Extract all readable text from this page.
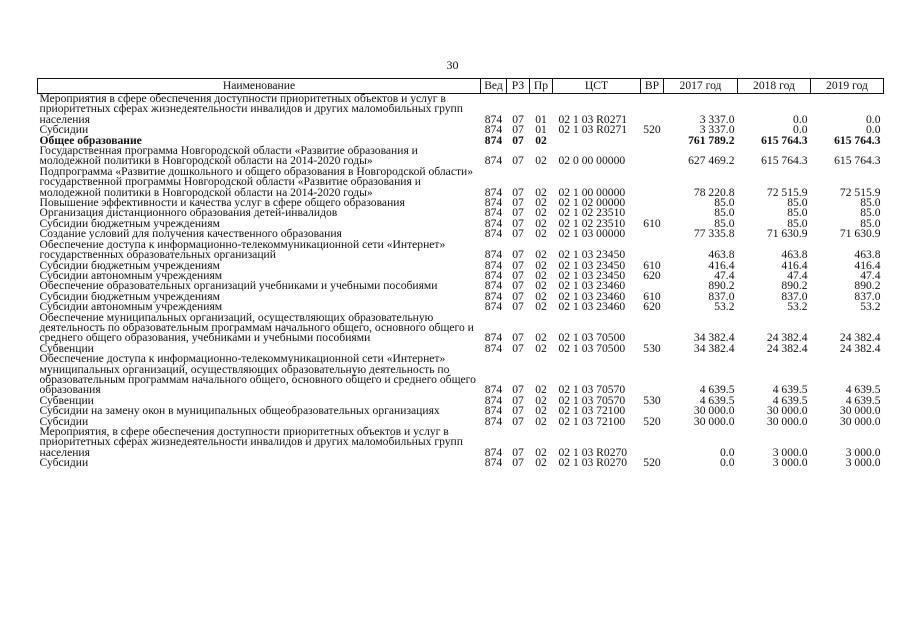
30
Наименование	Вед	РЗ	Пр	ЦСТ	ВР	2017 год	2018 год	2019 год
Мероприятия в сфере обеспечения доступности приоритетных объектов и услуг в приоритетных сферах жизнедеятельности инвалидов и других маломобильных групп населения	874	07	01	02 1 03 R0271		3 337.0	0.0	0.0
Субсидии	874	07	01	02 1 03 R0271	520	3 337.0	0.0	0.0
Общее образование	874	07	02			761 789.2	615 764.3	615 764.3
Государственная программа Новгородской области «Развитие образования и молодежной политики в Новгородской области на 2014-2020 годы»	874	07	02	02 0 00 00000		627 469.2	615 764.3	615 764.3
Подпрограмма «Развитие дошкольного и общего образования в Новгородской области» государственной программы Новгородской области «Развитие образования и молодежной политики в Новгородской области на 2014-2020 годы»	874	07	02	02 1 00 00000		78 220.8	72 515.9	72 515.9
Повышение эффективности и качества услуг в сфере общего образования	874	07	02	02 1 02 00000		85.0	85.0	85.0
Организация дистанционного образования детей-инвалидов	874	07	02	02 1 02 23510		85.0	85.0	85.0
Субсидии бюджетным учреждениям	874	07	02	02 1 02 23510	610	85.0	85.0	85.0
Создание условий для получения качественного образования	874	07	02	02 1 03 00000		77 335.8	71 630.9	71 630.9
Обеспечение доступа к информационно-телекоммуникационной сети «Интернет» государственных образовательных организаций	874	07	02	02 1 03 23450		463.8	463.8	463.8
Субсидии бюджетным учреждениям	874	07	02	02 1 03 23450	610	416.4	416.4	416.4
Субсидии автономным учреждениям	874	07	02	02 1 03 23450	620	47.4	47.4	47.4
Обеспечение образовательных организаций учебниками и учебными пособиями	874	07	02	02 1 03 23460		890.2	890.2	890.2
Субсидии бюджетным учреждениям	874	07	02	02 1 03 23460	610	837.0	837.0	837.0
Субсидии автономным учреждениям	874	07	02	02 1 03 23460	620	53.2	53.2	53.2
Обеспечение муниципальных организаций, осуществляющих образовательную деятельность по образовательным программам начального общего, основного общего и среднего общего образования, учебниками и учебными пособиями	874	07	02	02 1 03 70500		34 382.4	24 382.4	24 382.4
Субвенции	874	07	02	02 1 03 70500	530	34 382.4	24 382.4	24 382.4
Обеспечение доступа к информационно-телекоммуникационной сети «Интернет» муниципальных организаций, осуществляющих образовательную деятельность по образовательным программам начального общего, основного общего и среднего общего образования	874	07	02	02 1 03 70570		4 639.5	4 639.5	4 639.5
Субвенции	874	07	02	02 1 03 70570	530	4 639.5	4 639.5	4 639.5
Субсидии на замену окон в муниципальных общеобразовательных организациях	874	07	02	02 1 03 72100		30 000.0	30 000.0	30 000.0
Субсидии	874	07	02	02 1 03 72100	520	30 000.0	30 000.0	30 000.0
Мероприятия, в сфере обеспечения доступности приоритетных объектов и услуг в приоритетных сферах жизнедеятельности инвалидов и других маломобильных групп населения	874	07	02	02 1 03 R0270		0.0	3 000.0	3 000.0
Субсидии	874	07	02	02 1 03 R0270	520	0.0	3 000.0	3 000.0
